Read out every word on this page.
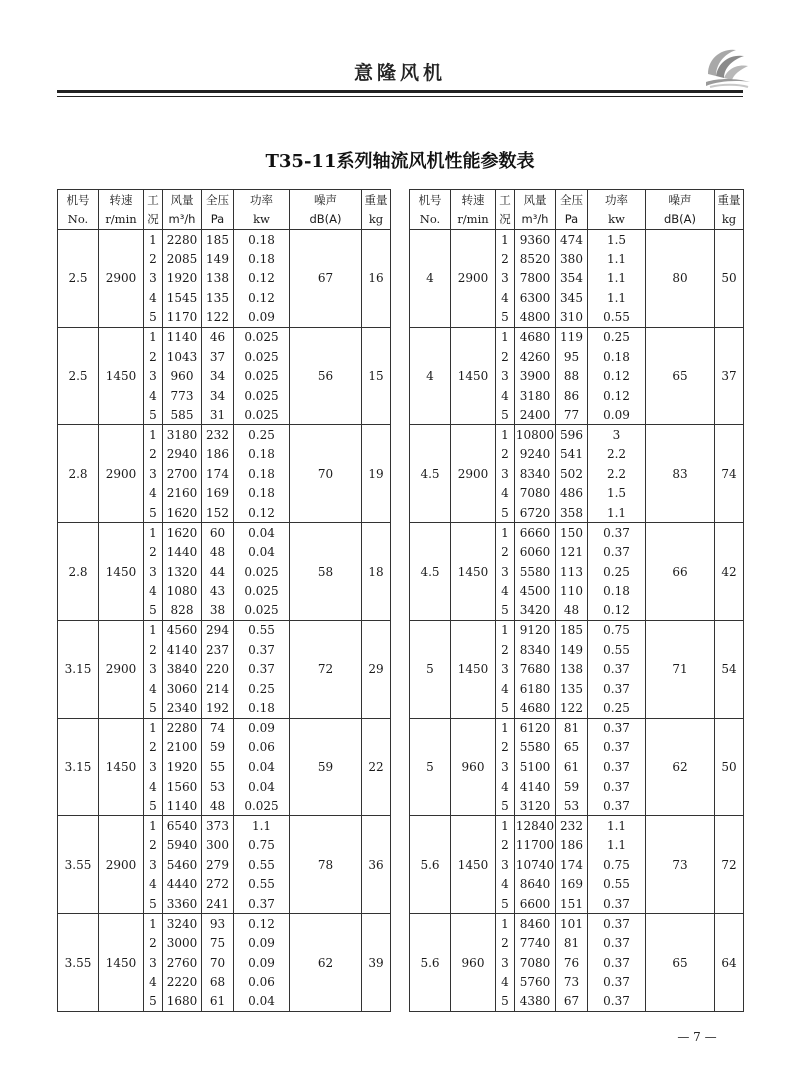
意隆风机
T35-11系列轴流风机性能参数表
机号	转速	工	风量	全压	功率	噪声	重量
No.	r/min	况	m³/h	Pa	kw	dB(A)	kg
2.5	2900	1	2280	185	0.18	67	16
		2	2085	149	0.18		
		3	1920	138	0.12		
		4	1545	135	0.12		
		5	1170	122	0.09		
2.5	1450	1	1140	46	0.025	56	15
		2	1043	37	0.025		
		3	960	34	0.025		
		4	773	34	0.025		
		5	585	31	0.025		
2.8	2900	1	3180	232	0.25	70	19
		2	2940	186	0.18		
		3	2700	174	0.18		
		4	2160	169	0.18		
		5	1620	152	0.12		
2.8	1450	1	1620	60	0.04	58	18
		2	1440	48	0.04		
		3	1320	44	0.025		
		4	1080	43	0.025		
		5	828	38	0.025		
3.15	2900	1	4560	294	0.55	72	29
		2	4140	237	0.37		
		3	3840	220	0.37		
		4	3060	214	0.25		
		5	2340	192	0.18		
3.15	1450	1	2280	74	0.09	59	22
		2	2100	59	0.06		
		3	1920	55	0.04		
		4	1560	53	0.04		
		5	1140	48	0.025		
3.55	2900	1	6540	373	1.1	78	36
		2	5940	300	0.75		
		3	5460	279	0.55		
		4	4440	272	0.55		
		5	3360	241	0.37		
3.55	1450	1	3240	93	0.12	62	39
		2	3000	75	0.09		
		3	2760	70	0.09		
		4	2220	68	0.06		
		5	1680	61	0.04		
机号	转速	工	风量	全压	功率	噪声	重量
No.	r/min	况	m³/h	Pa	kw	dB(A)	kg
4	2900	1	9360	474	1.5	80	50
		2	8520	380	1.1		
		3	7800	354	1.1		
		4	6300	345	1.1		
		5	4800	310	0.55		
4	1450	1	4680	119	0.25	65	37
		2	4260	95	0.18		
		3	3900	88	0.12		
		4	3180	86	0.12		
		5	2400	77	0.09		
4.5	2900	1	10800	596	3	83	74
		2	9240	541	2.2		
		3	8340	502	2.2		
		4	7080	486	1.5		
		5	6720	358	1.1		
4.5	1450	1	6660	150	0.37	66	42
		2	6060	121	0.37		
		3	5580	113	0.25		
		4	4500	110	0.18		
		5	3420	48	0.12		
5	1450	1	9120	185	0.75	71	54
		2	8340	149	0.55		
		3	7680	138	0.37		
		4	6180	135	0.37		
		5	4680	122	0.25		
5	960	1	6120	81	0.37	62	50
		2	5580	65	0.37		
		3	5100	61	0.37		
		4	4140	59	0.37		
		5	3120	53	0.37		
5.6	1450	1	12840	232	1.1	73	72
		2	11700	186	1.1		
		3	10740	174	0.75		
		4	8640	169	0.55		
		5	6600	151	0.37		
5.6	960	1	8460	101	0.37	65	64
		2	7740	81	0.37		
		3	7080	76	0.37		
		4	5760	73	0.37		
		5	4380	67	0.37		
— 7 —
